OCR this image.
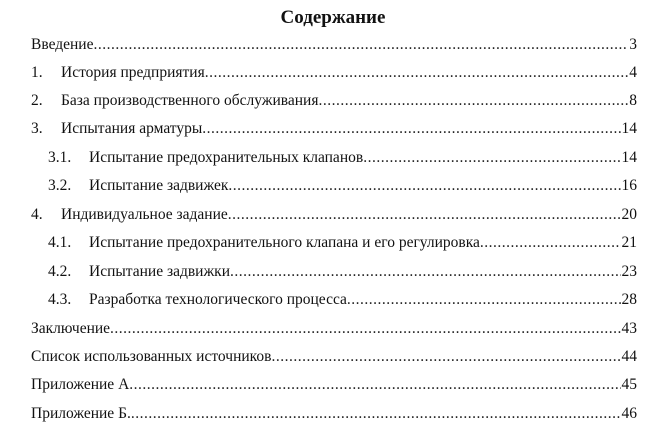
Содержание
Введение .....	3
1.	История предприятия .....	4
2.	База производственного обслуживания .....	8
3.	Испытания арматуры .....	14
3.1.	Испытание предохранительных клапанов .....	14
3.2.	Испытание задвижек .....	16
4.	Индивидуальное задание .....	20
4.1.	Испытание предохранительного клапана и его регулировка .....	21
4.2.	Испытание задвижки .....	23
4.3.	Разработка технологического процесса .....	28
Заключение .....	43
Список использованных источников .....	44
Приложение А .....	45
Приложение Б. .....	46
